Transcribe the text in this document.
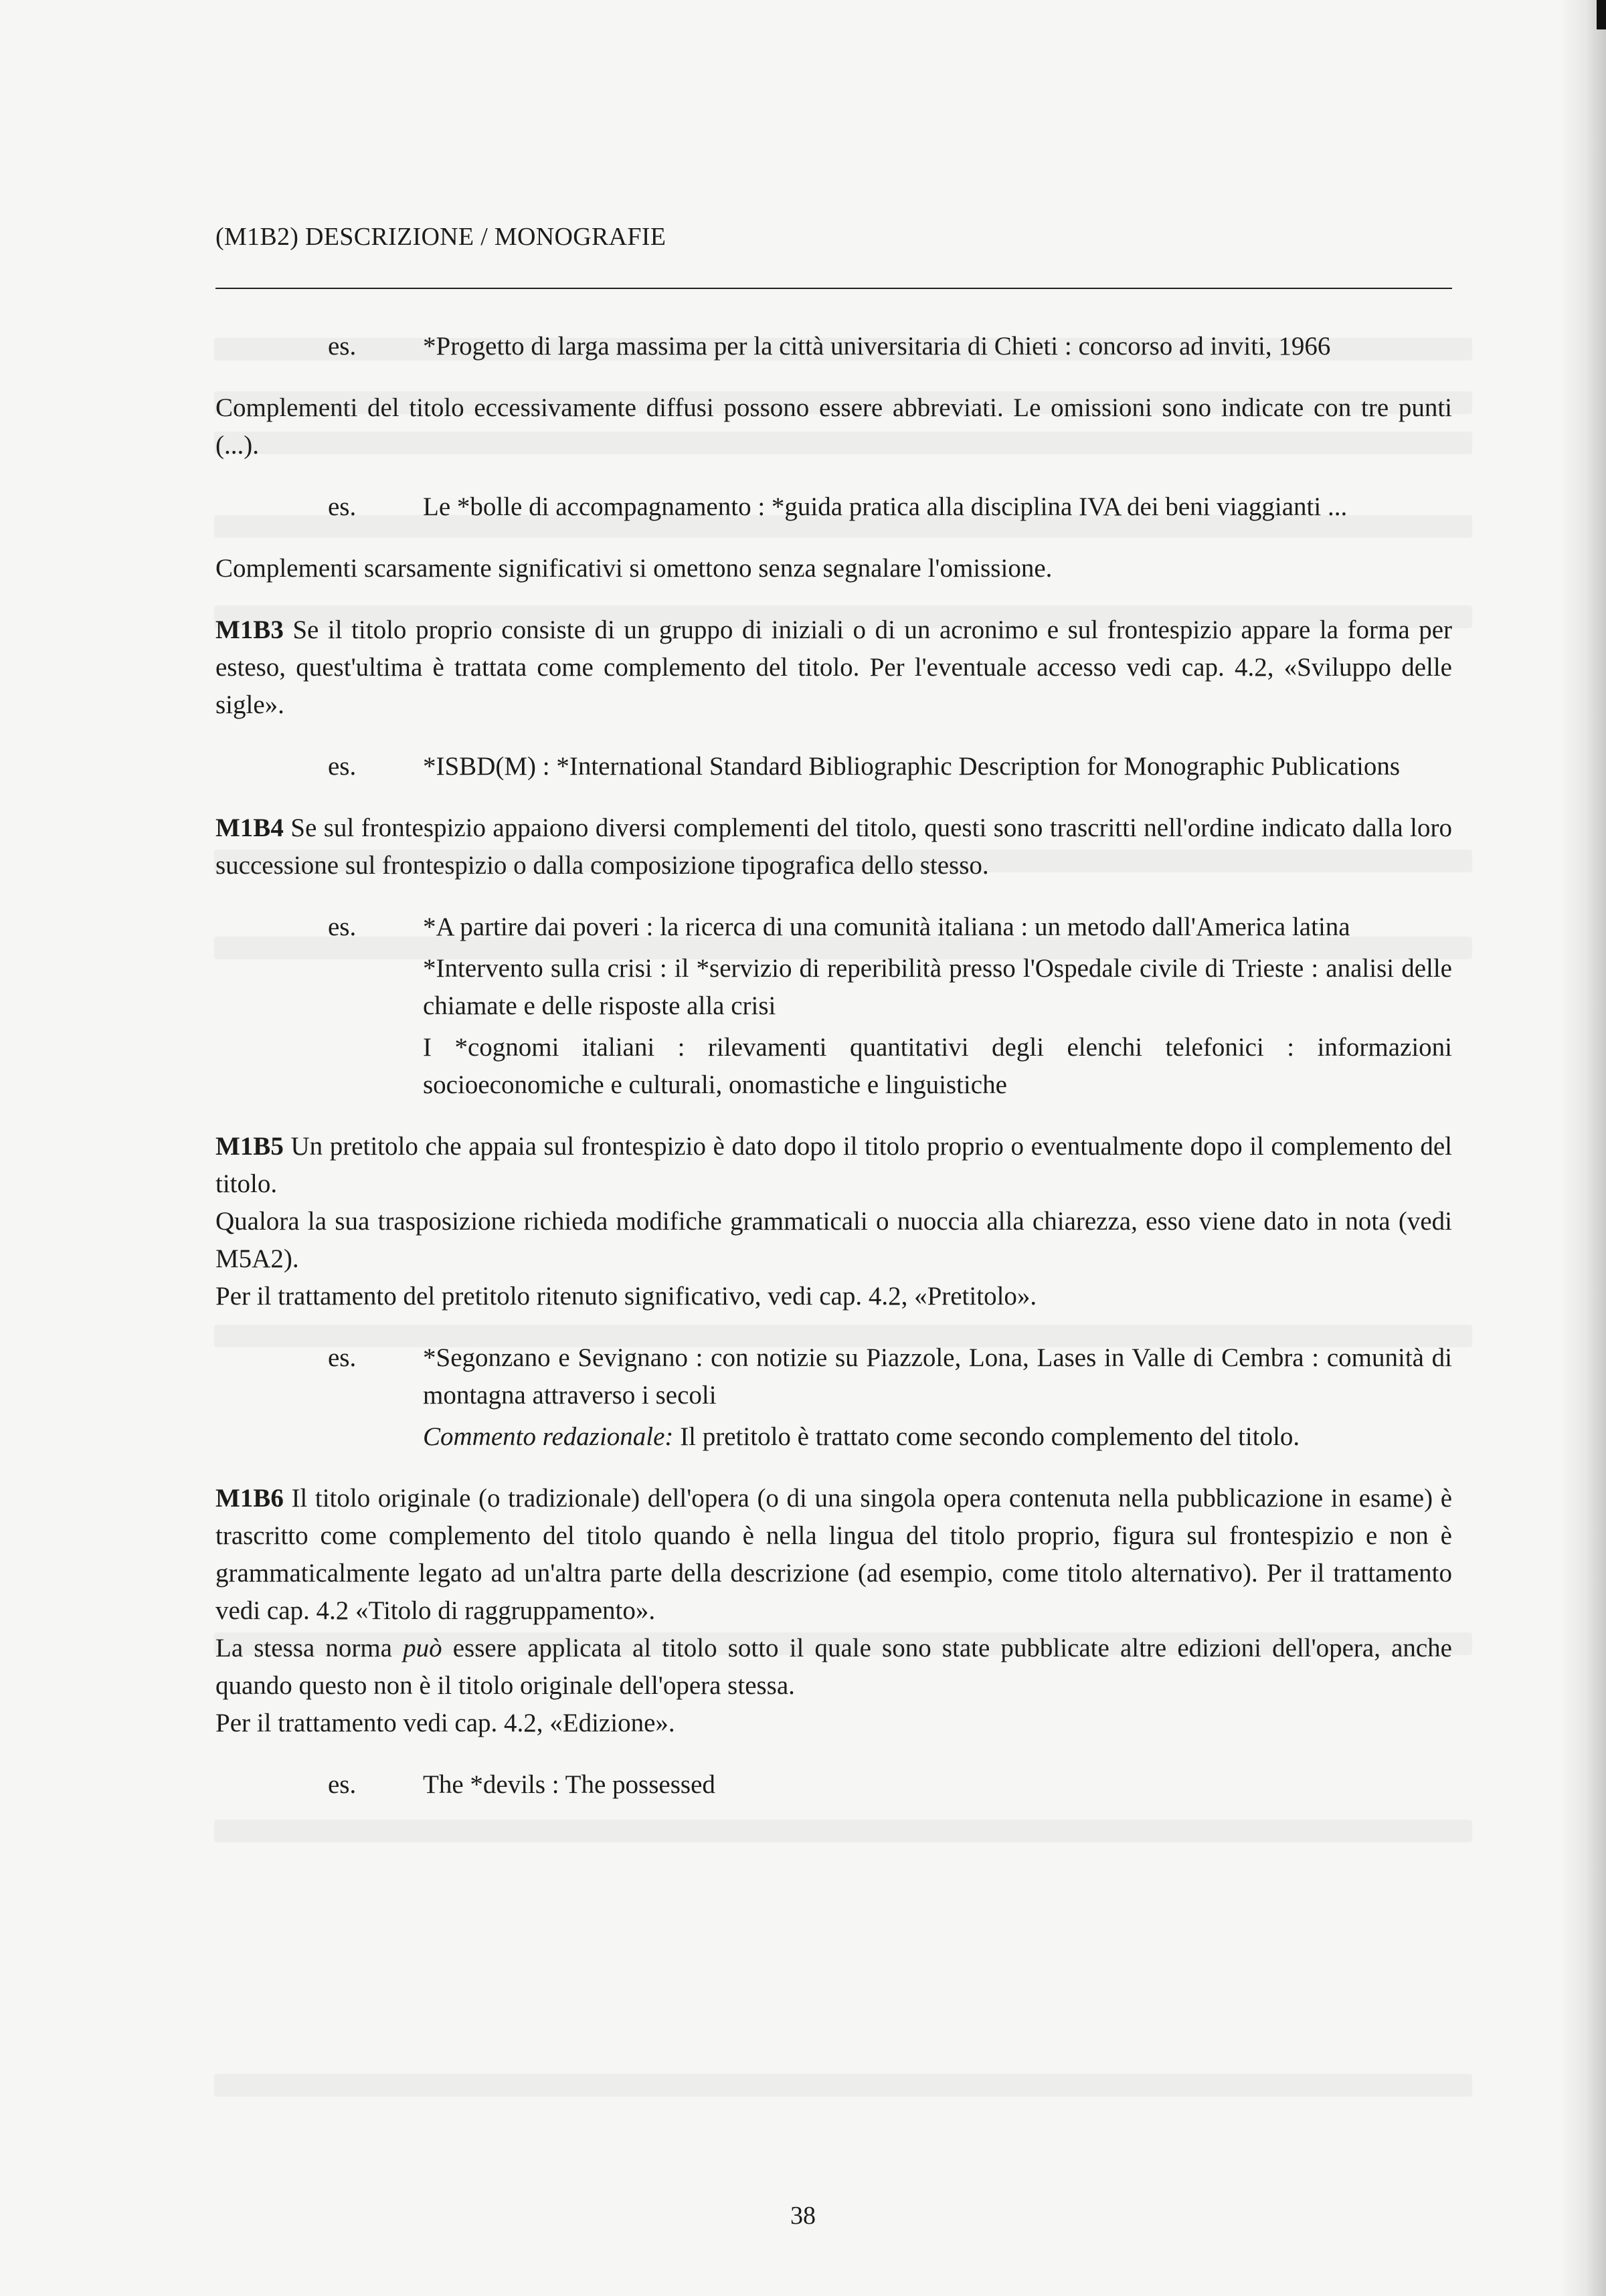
(M1B2) DESCRIZIONE / MONOGRAFIE
es.	*Progetto di larga massima per la città universitaria di Chieti : concorso ad inviti, 1966

Complementi del titolo eccessivamente diffusi possono essere abbreviati. Le omissioni sono indicate con tre punti (...).

es.	Le *bolle di accompagnamento : *guida pratica alla disciplina IVA dei beni viaggianti ...

Complementi scarsamente significativi si omettono senza segnalare l'omissione.

M1B3 Se il titolo proprio consiste di un gruppo di iniziali o di un acronimo e sul frontespizio appare la forma per esteso, quest'ultima è trattata come complemento del titolo. Per l'eventuale accesso vedi cap. 4.2, «Sviluppo delle sigle».

es.	*ISBD(M) : *International Standard Bibliographic Description for Monographic Publications

M1B4 Se sul frontespizio appaiono diversi complementi del titolo, questi sono trascritti nell'ordine indicato dalla loro successione sul frontespizio o dalla composizione tipografica dello stesso.

es.	*A partire dai poveri : la ricerca di una comunità italiana : un metodo dall'America latina
*Intervento sulla crisi : il *servizio di reperibilità presso l'Ospedale civile di Trieste : analisi delle chiamate e delle risposte alla crisi
I *cognomi italiani : rilevamenti quantitativi degli elenchi telefonici : informazioni socioeconomiche e culturali, onomastiche e linguistiche

M1B5 Un pretitolo che appaia sul frontespizio è dato dopo il titolo proprio o eventualmente dopo il complemento del titolo.
Qualora la sua trasposizione richieda modifiche grammaticali o nuoccia alla chiarezza, esso viene dato in nota (vedi M5A2).
Per il trattamento del pretitolo ritenuto significativo, vedi cap. 4.2, «Pretitolo».

es.	*Segonzano e Sevignano : con notizie su Piazzole, Lona, Lases in Valle di Cembra : comunità di montagna attraverso i secoli
Commento redazionale: Il pretitolo è trattato come secondo complemento del titolo.

M1B6 Il titolo originale (o tradizionale) dell'opera (o di una singola opera contenuta nella pubblicazione in esame) è trascritto come complemento del titolo quando è nella lingua del titolo proprio, figura sul frontespizio e non è grammaticalmente legato ad un'altra parte della descrizione (ad esempio, come titolo alternativo). Per il trattamento vedi cap. 4.2 «Titolo di raggruppamento».
La stessa norma può essere applicata al titolo sotto il quale sono state pubblicate altre edizioni dell'opera, anche quando questo non è il titolo originale dell'opera stessa.
Per il trattamento vedi cap. 4.2, «Edizione».

es.	The *devils : The possessed
38
